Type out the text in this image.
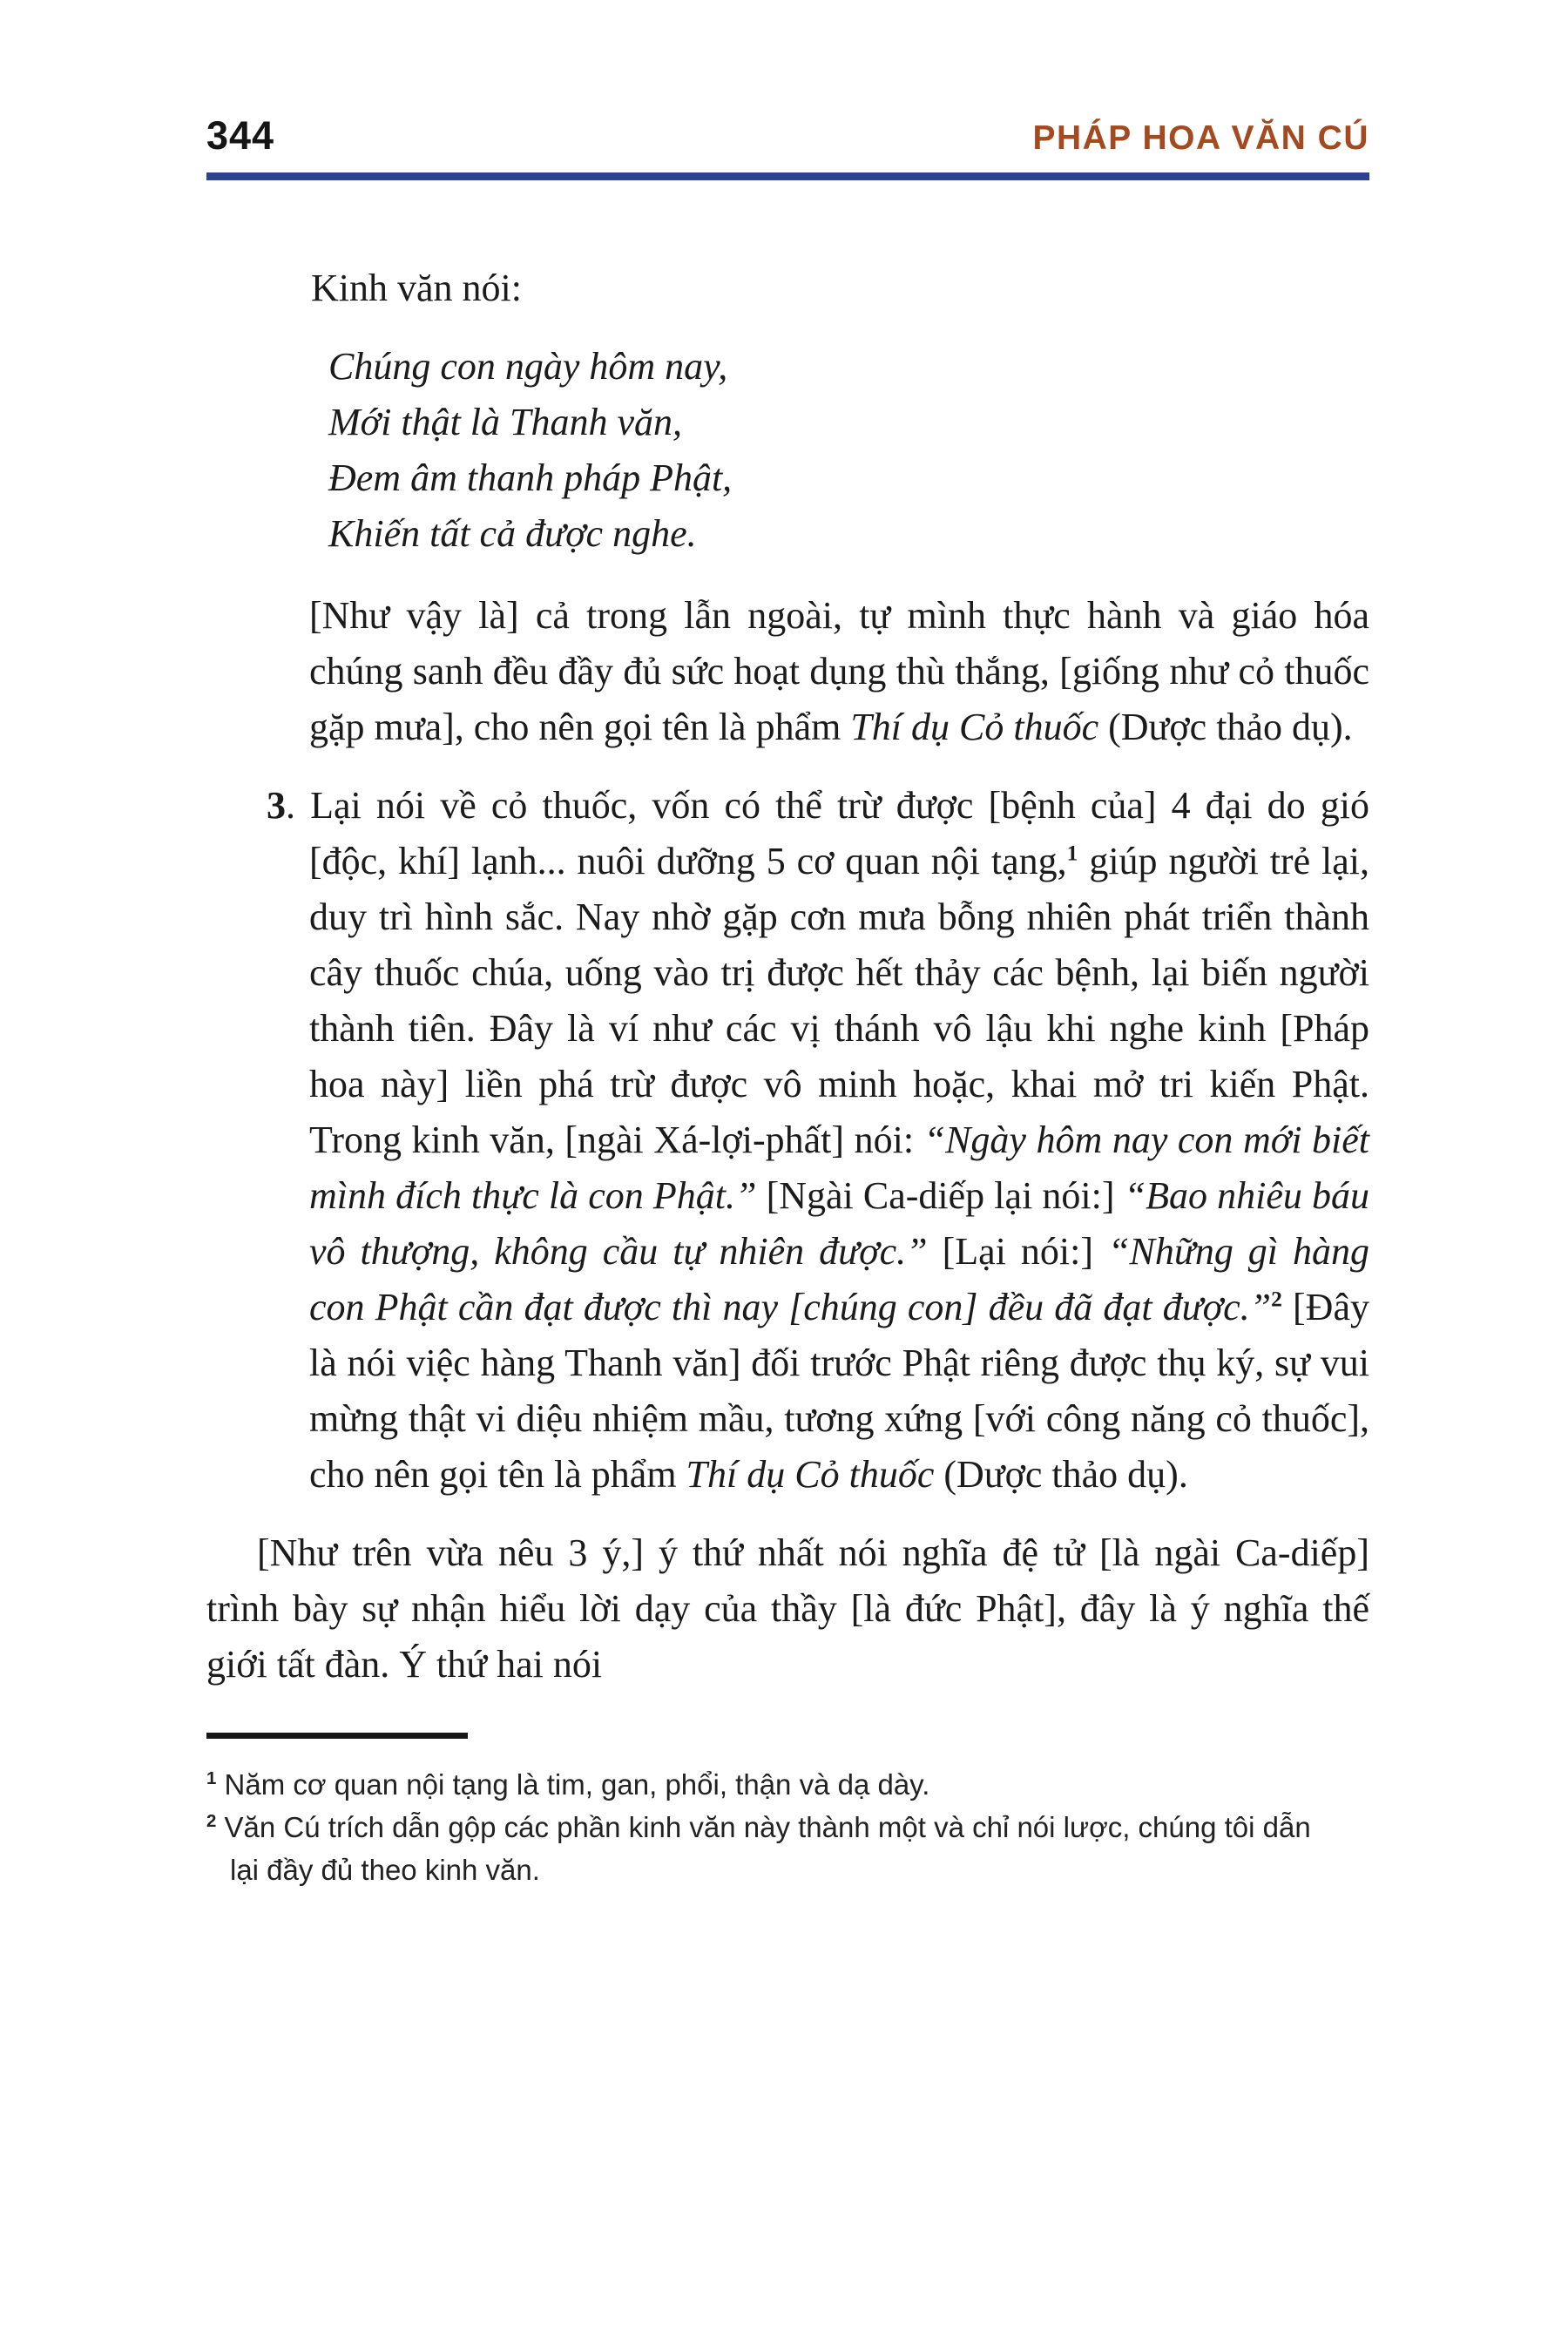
344	PHÁP HOA VĂN CÚ

Kinh văn nói:

Chúng con ngày hôm nay,

Mới thật là Thanh văn,

Đem âm thanh pháp Phật,

Khiến tất cả được nghe.

[Như vậy là] cả trong lẫn ngoài, tự mình thực hành và giáo hóa chúng sanh đều đầy đủ sức hoạt dụng thù thắng, [giống như cỏ thuốc gặp mưa], cho nên gọi tên là phẩm Thí dụ Cỏ thuốc (Dược thảo dụ).

3. Lại nói về cỏ thuốc, vốn có thể trừ được [bệnh của] 4 đại do gió [độc, khí] lạnh... nuôi dưỡng 5 cơ quan nội tạng,$^1$ giúp người trẻ lại, duy trì hình sắc. Nay nhờ gặp cơn mưa bỗng nhiên phát triển thành cây thuốc chúa, uống vào trị được hết thảy các bệnh, lại biến người thành tiên. Đây là ví như các vị thánh vô lậu khi nghe kinh [Pháp hoa này] liền phá trừ được vô minh hoặc, khai mở tri kiến Phật. Trong kinh văn, [ngài Xá-lợi-phất] nói: “Ngày hôm nay con mới biết mình đích thực là con Phật.” [Ngài Ca-diếp lại nói:] “Bao nhiêu báu vô thượng, không cầu tự nhiên được.” [Lại nói:] “Những gì hàng con Phật cần đạt được thì nay [chúng con] đều đã đạt được.”$^2$ [Đây là nói việc hàng Thanh văn] đối trước Phật riêng được thụ ký, sự vui mừng thật vi diệu nhiệm mầu, tương xứng [với công năng cỏ thuốc], cho nên gọi tên là phẩm Thí dụ Cỏ thuốc (Dược thảo dụ).

[Như trên vừa nêu 3 ý,] ý thứ nhất nói nghĩa đệ tử [là ngài Ca-diếp] trình bày sự nhận hiểu lời dạy của thầy [là đức Phật], đây là ý nghĩa thế giới tất đàn. Ý thứ hai nói

$^1$ Năm cơ quan nội tạng là tim, gan, phổi, thận và dạ dày.

$^2$ Văn Cú trích dẫn gộp các phần kinh văn này thành một và chỉ nói lược, chúng tôi dẫn lại đầy đủ theo kinh văn.
